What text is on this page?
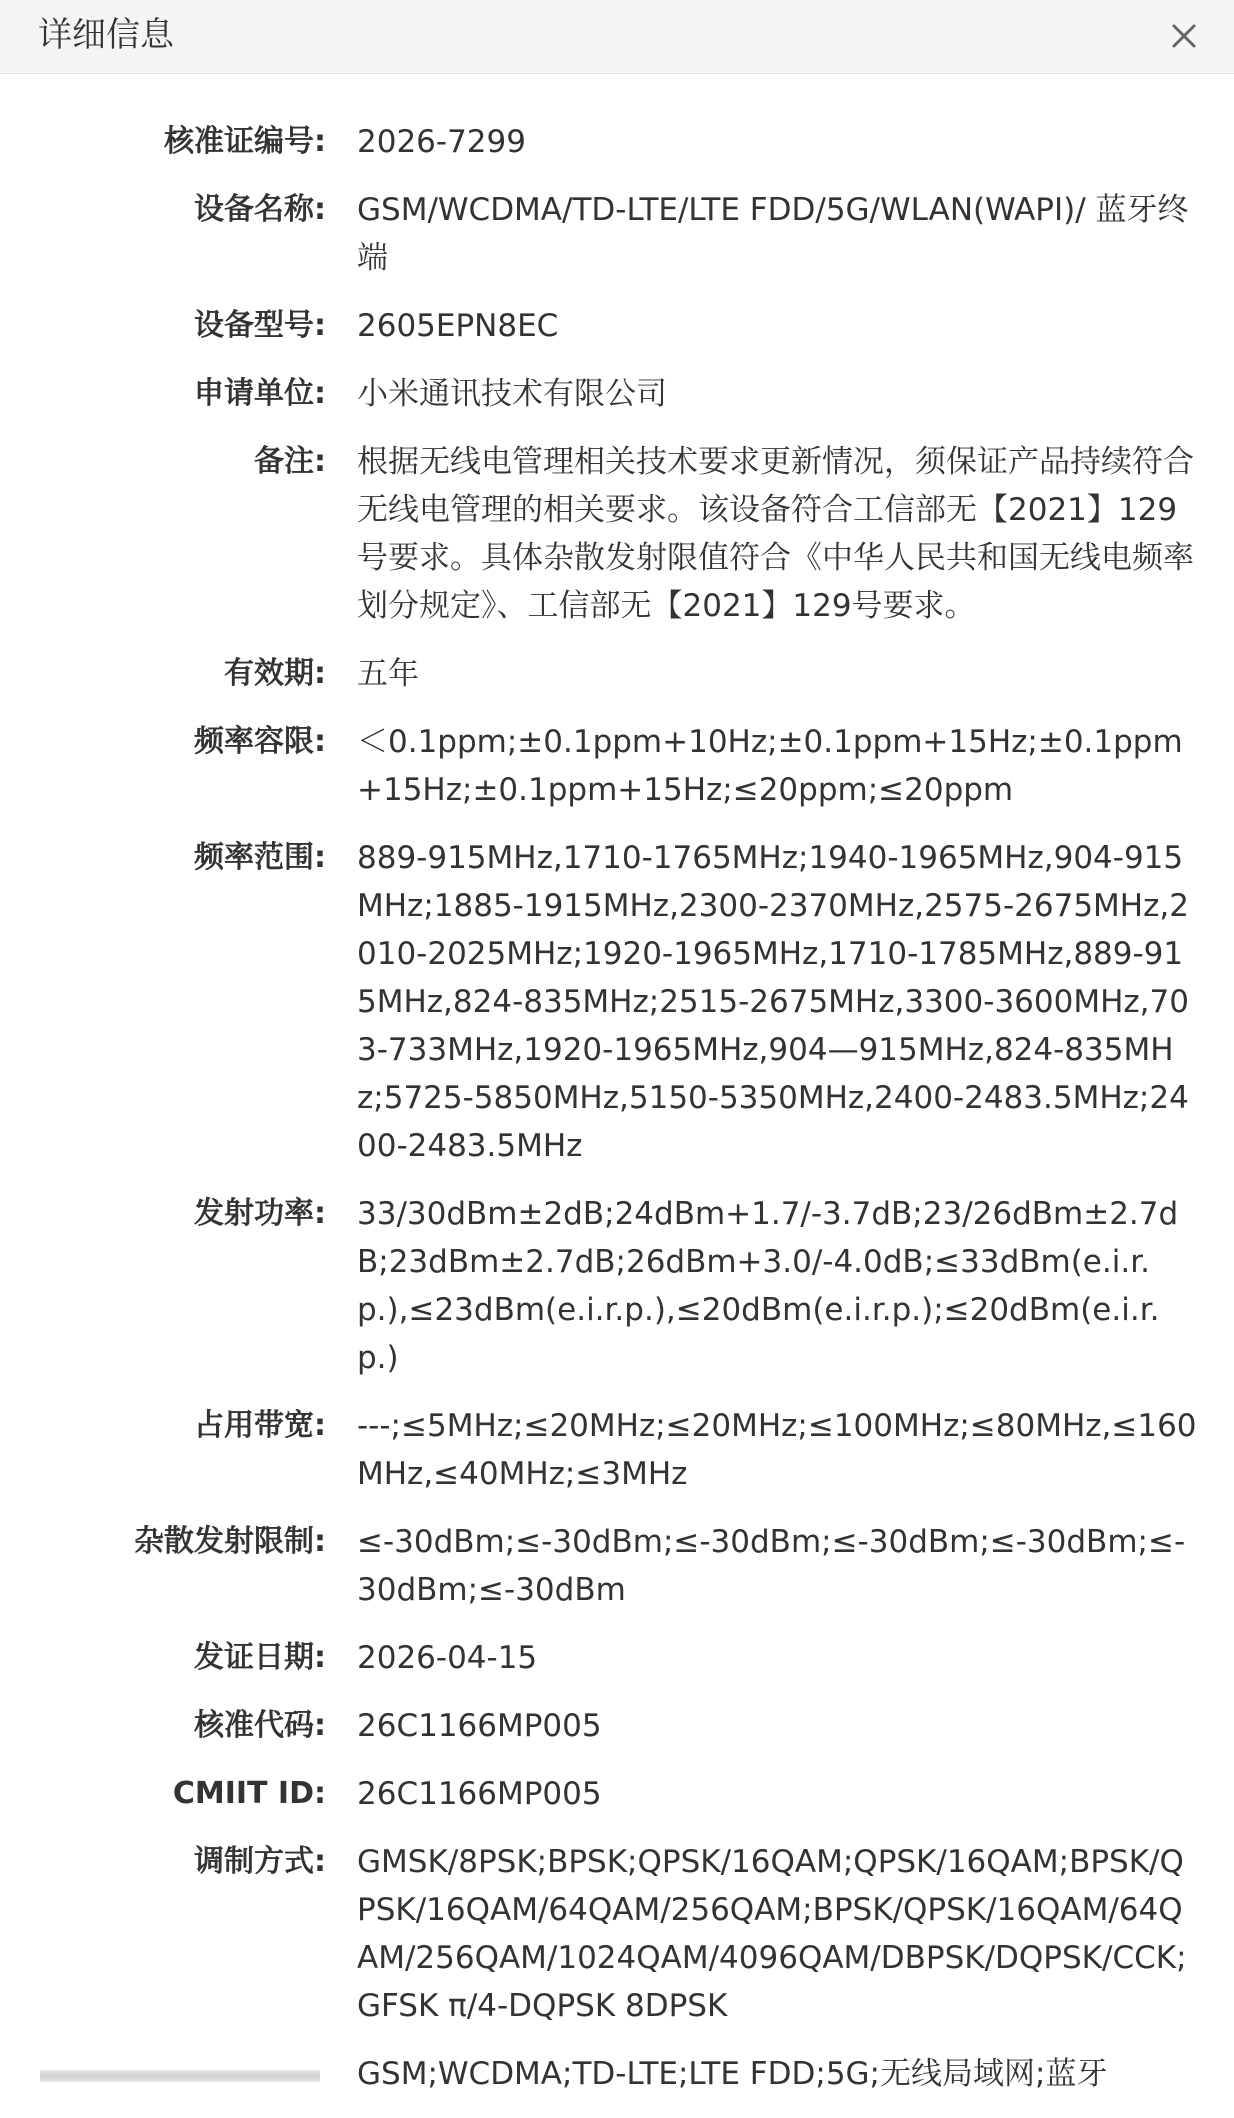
详细信息
核准证编号: 2026-7299
设备名称: GSM/WCDMA/TD-LTE/LTE FDD/5G/WLAN(WAPI)/ 蓝牙终端
设备型号: 2605EPN8EC
申请单位: 小米通讯技术有限公司
备注: 根据无线电管理相关技术要求更新情况，须保证产品持续符合无线电管理的相关要求。该设备符合工信部无【2021】129号要求。具体杂散发射限值符合《中华人民共和国无线电频率划分规定》、工信部无【2021】129号要求。
有效期: 五年
频率容限: ＜0.1ppm;±0.1ppm+10Hz;±0.1ppm+15Hz;±0.1ppm+15Hz;±0.1ppm+15Hz;≤20ppm;≤20ppm
频率范围: 889-915MHz,1710-1765MHz;1940-1965MHz,904-915MHz;1885-1915MHz,2300-2370MHz,2575-2675MHz,2010-2025MHz;1920-1965MHz,1710-1785MHz,889-915MHz,824-835MHz;2515-2675MHz,3300-3600MHz,703-733MHz,1920-1965MHz,904—915MHz,824-835MHz;5725-5850MHz,5150-5350MHz,2400-2483.5MHz;2400-2483.5MHz
发射功率: 33/30dBm±2dB;24dBm+1.7/-3.7dB;23/26dBm±2.7dB;23dBm±2.7dB;26dBm+3.0/-4.0dB;≤33dBm(e.i.r.p.),≤23dBm(e.i.r.p.),≤20dBm(e.i.r.p.);≤20dBm(e.i.r.p.)
占用带宽: ---;≤5MHz;≤20MHz;≤20MHz;≤100MHz;≤80MHz,≤160MHz,≤40MHz;≤3MHz
杂散发射限制: ≤-30dBm;≤-30dBm;≤-30dBm;≤-30dBm;≤-30dBm;≤-30dBm;≤-30dBm
发证日期: 2026-04-15
核准代码: 26C1166MP005
CMIIT ID: 26C1166MP005
调制方式: GMSK/8PSK;BPSK;QPSK/16QAM;QPSK/16QAM;BPSK/QPSK/16QAM/64QAM/256QAM;BPSK/QPSK/16QAM/64QAM/256QAM/1024QAM/4096QAM/DBPSK/DQPSK/CCK;GFSK π/4-DQPSK 8DPSK
GSM;WCDMA;TD-LTE;LTE FDD;5G;无线局域网;蓝牙
